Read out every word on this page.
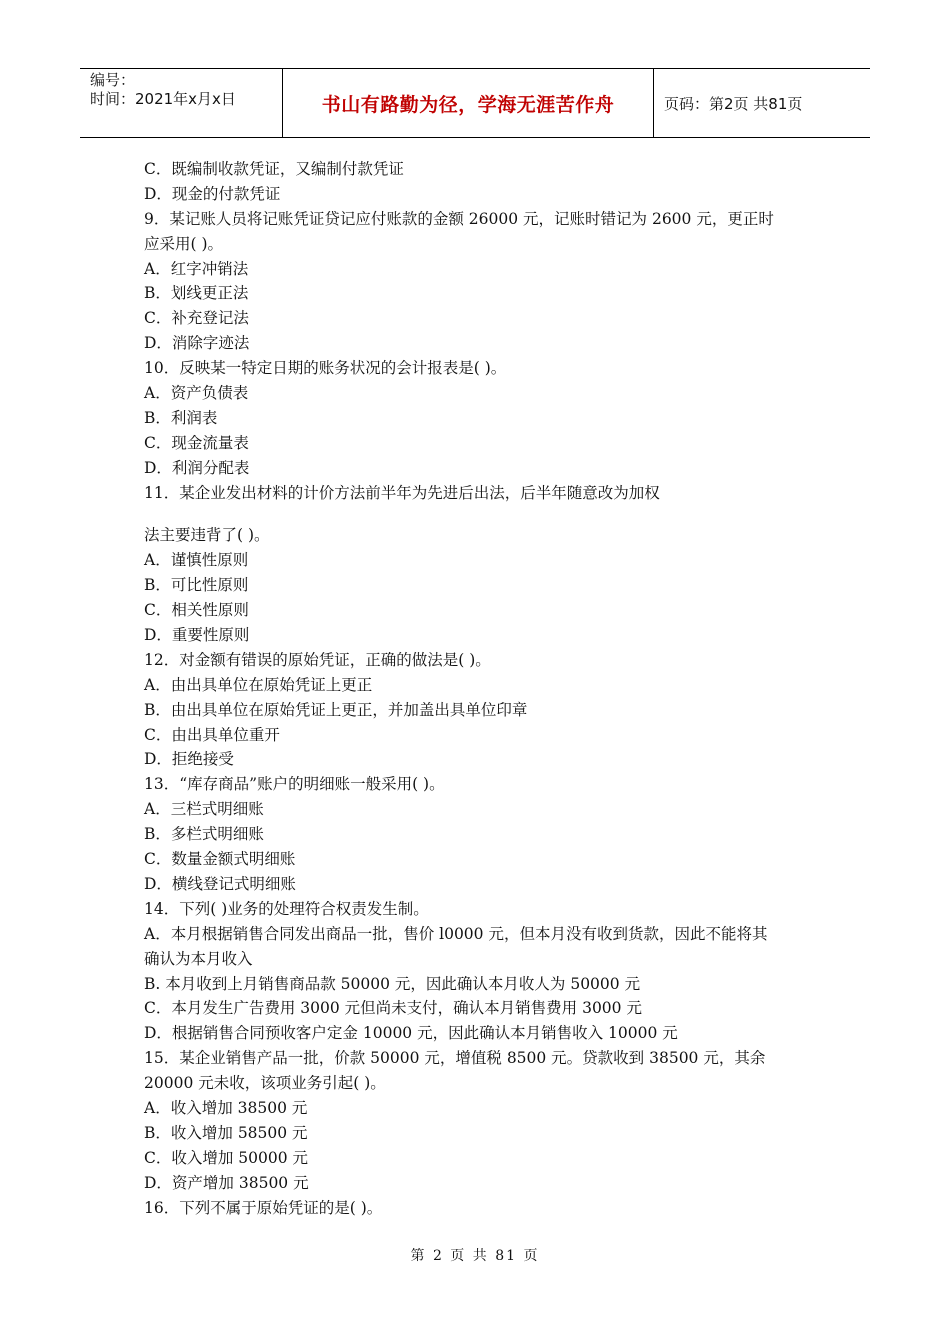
编号：
时间：2021年x月x日	书山有路勤为径，学海无涯苦作舟	页码：第2页 共81页
C．既编制收款凭证，又编制付款凭证
D．现金的付款凭证
9．某记账人员将记账凭证贷记应付账款的金额 26000 元，记账时错记为 2600 元，更正时
应采用( )。
A．红字冲销法
B．划线更正法
C．补充登记法
D．消除字迹法
10．反映某一特定日期的账务状况的会计报表是( )。
A．资产负债表
B．利润表
C．现金流量表
D．利润分配表
11．某企业发出材料的计价方法前半年为先进后出法，后半年随意改为加权
法主要违背了( )。
A．谨慎性原则
B．可比性原则
C．相关性原则
D．重要性原则
12．对金额有错误的原始凭证，正确的做法是( )。
A．由出具单位在原始凭证上更正
B．由出具单位在原始凭证上更正，并加盖出具单位印章
C．由出具单位重开
D．拒绝接受
13．“库存商品”账户的明细账一般采用( )。
A．三栏式明细账
B．多栏式明细账
C．数量金额式明细账
D．横线登记式明细账
14．下列( )业务的处理符合权责发生制。
A．本月根据销售合同发出商品一批，售价 l0000 元，但本月没有收到货款，因此不能将其
确认为本月收入
B. 本月收到上月销售商品款 50000 元，因此确认本月收人为 50000 元
C．本月发生广告费用 3000 元但尚未支付，确认本月销售费用 3000 元
D．根据销售合同预收客户定金 10000 元，因此确认本月销售收入 10000 元
15．某企业销售产品一批，价款 50000 元，增值税 8500 元。贷款收到 38500 元，其余
20000 元未收，该项业务引起( )。
A．收入增加 38500 元
B．收入增加 58500 元
C．收入增加 50000 元
D．资产增加 38500 元
16．下列不属于原始凭证的是( )。
第 2 页 共 81 页
